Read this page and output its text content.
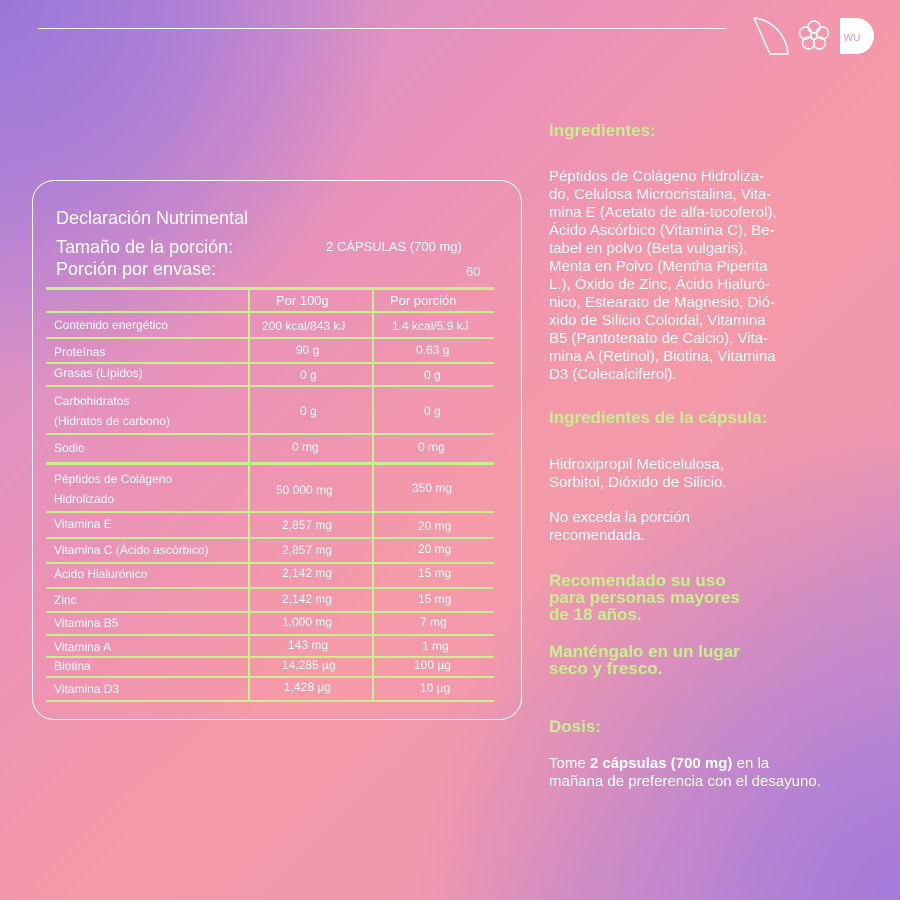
WU
Declaración Nutrimental
Tamaño de la porción:	2 CÁPSULAS (700 mg)
Porción por envase:	60
Por 100g	Por porción
Contenido energético	200 kcal/843 kJ	1.4 kcal/5.9 kJ
Proteínas	90 g	0.63 g
Grasas (Lípidos)	0 g	0 g
Carbohidratos
(Hidratos de carbono)
0 g	0 g
Sodio	0 mg	0 mg
Péptidos de Colágeno
Hidrolizado
50 000 mg	350 mg
Vitamina E	2,857 mg	20 mg
Vitamina C (Ácido ascórbico)	2,857 mg	20 mg
Ácido Hialurónico	2,142 mg	15 mg
Zinc	2,142 mg	15 mg
Vitamina B5	1,000 mg	7 mg
Vitamina A	143 mg	1 mg
Biotina	14,285 µg	100 µg
Vitamina D3	1,428 µg	10 µg
Ingredientes:
Péptidos de Colágeno Hidroliza-
do, Celulosa Microcristalina, Vita-
mina E (Acetato de alfa-tocoferol),
Ácido Ascórbico (Vitamina C), Be-
tabel en polvo (Beta vulgaris),
Menta en Polvo (Mentha Piperita
L.), Óxido de Zinc, Ácido Hialuró-
nico, Estearato de Magnesio, Dió-
xido de Silicio Coloidal, Vitamina
B5 (Pantotenato de Calcio), Vita-
mina A (Retinol), Biotina, Vitamina
D3 (Colecalciferol).
Ingredientes de la cápsula:
Hidroxipropil Meticelulosa,
Sorbitol, Dióxido de Silicio.
No exceda la porción
recomendada.
Recomendado su uso
para personas mayores
de 18 años.
Manténgalo en un lugar
seco y fresco.
Dosis:
Tome 2 cápsulas (700 mg) en la
mañana de preferencia con el desayuno.
